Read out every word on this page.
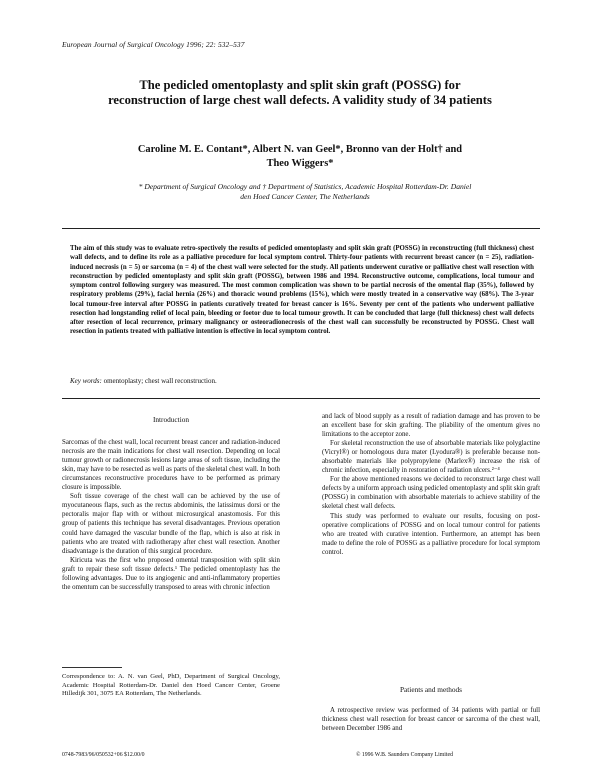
European Journal of Surgical Oncology 1996; 22: 532–537
The pedicled omentoplasty and split skin graft (POSSG) for
reconstruction of large chest wall defects. A validity study of 34 patients
Caroline M. E. Contant*, Albert N. van Geel*, Bronno van der Holt† and
Theo Wiggers*
* Department of Surgical Oncology and † Department of Statistics, Academic Hospital Rotterdam-Dr. Daniel
den Hoed Cancer Center, The Netherlands
The aim of this study was to evaluate retro-spectively the results of pedicled omentoplasty and split skin graft (POSSG) in reconstructing (full thickness) chest wall defects, and to define its role as a palliative procedure for local symptom control. Thirty-four patients with recurrent breast cancer (n = 25), radiation-induced necrosis (n = 5) or sarcoma (n = 4) of the chest wall were selected for the study. All patients underwent curative or palliative chest wall resection with reconstruction by pedicled omentoplasty and split skin graft (POSSG), between 1986 and 1994. Reconstructive outcome, complications, local tumour and symptom control following surgery was measured. The most common complication was shown to be partial necrosis of the omental flap (35%), followed by respiratory problems (29%), facial hernia (26%) and thoracic wound problems (15%), which were mostly treated in a conservative way (68%). The 3-year local tumour-free interval after POSSG in patients curatively treated for breast cancer is 16%. Seventy per cent of the patients who underwent palliative resection had longstanding relief of local pain, bleeding or foetor due to local tumour growth. It can be concluded that large (full thickness) chest wall defects after resection of local recurrence, primary malignancy or osteoradionecrosis of the chest wall can successfully be reconstructed by POSSG. Chest wall resection in patients treated with palliative intention is effective in local symptom control.
Key words: omentoplasty; chest wall reconstruction.

Introduction

Sarcomas of the chest wall, local recurrent breast cancer and radiation-induced necrosis are the main indications for chest wall resection. Depending on local tumour growth or radionecrosis lesions large areas of soft tissue, including the skin, may have to be resected as well as parts of the skeletal chest wall. In both circumstances reconstructive procedures have to be performed as primary closure is impossible.

Soft tissue coverage of the chest wall can be achieved by the use of myocutaneous flaps, such as the rectus abdominis, the latissimus dorsi or the pectoralis major flap with or without microsurgical anastomosis. For this group of patients this technique has several disadvantages. Previous operation could have damaged the vascular bundle of the flap, which is also at risk in patients who are treated with radiotherapy after chest wall resection. Another disadvantage is the duration of this surgical procedure.

Kiricuta was the first who proposed omental transposition with split skin graft to repair these soft tissue defects.¹ The pedicled omentoplasty has the following advantages. Due to its angiogenic and anti-inflammatory properties the omentum can be successfully transposed to areas with chronic infection

Correspondence to: A. N. van Geel, PhD, Department of Surgical Oncology, Academic Hospital Rotterdam-Dr. Daniel den Hoed Cancer Center, Groene Hilledijk 301, 3075 EA Rotterdam, The Netherlands.
0748-7983/96/050532+06 $12.00/0

and lack of blood supply as a result of radiation damage and has proven to be an excellent base for skin grafting. The pliability of the omentum gives no limitations to the acceptor zone.

For skeletal reconstruction the use of absorbable materials like polyglactine (Vicryl®) or homologous dura mater (Lyodura®) is preferable because non-absorbable materials like polypropylene (Marlex®) increase the risk of chronic infection, especially in restoration of radiation ulcers.²⁻⁴

For the above mentioned reasons we decided to reconstruct large chest wall defects by a uniform approach using pedicled omentoplasty and split skin graft (POSSG) in combination with absorbable materials to achieve stability of the skeletal chest wall defects.

This study was performed to evaluate our results, focusing on post-operative complications of POSSG and on local tumour control for patients who are treated with curative intention. Furthermore, an attempt has been made to define the role of POSSG as a palliative procedure for local symptom control.

Patients and methods

A retrospective review was performed of 34 patients with partial or full thickness chest wall resection for breast cancer or sarcoma of the chest wall, between December 1986 and

© 1996 W.B. Saunders Company Limited
